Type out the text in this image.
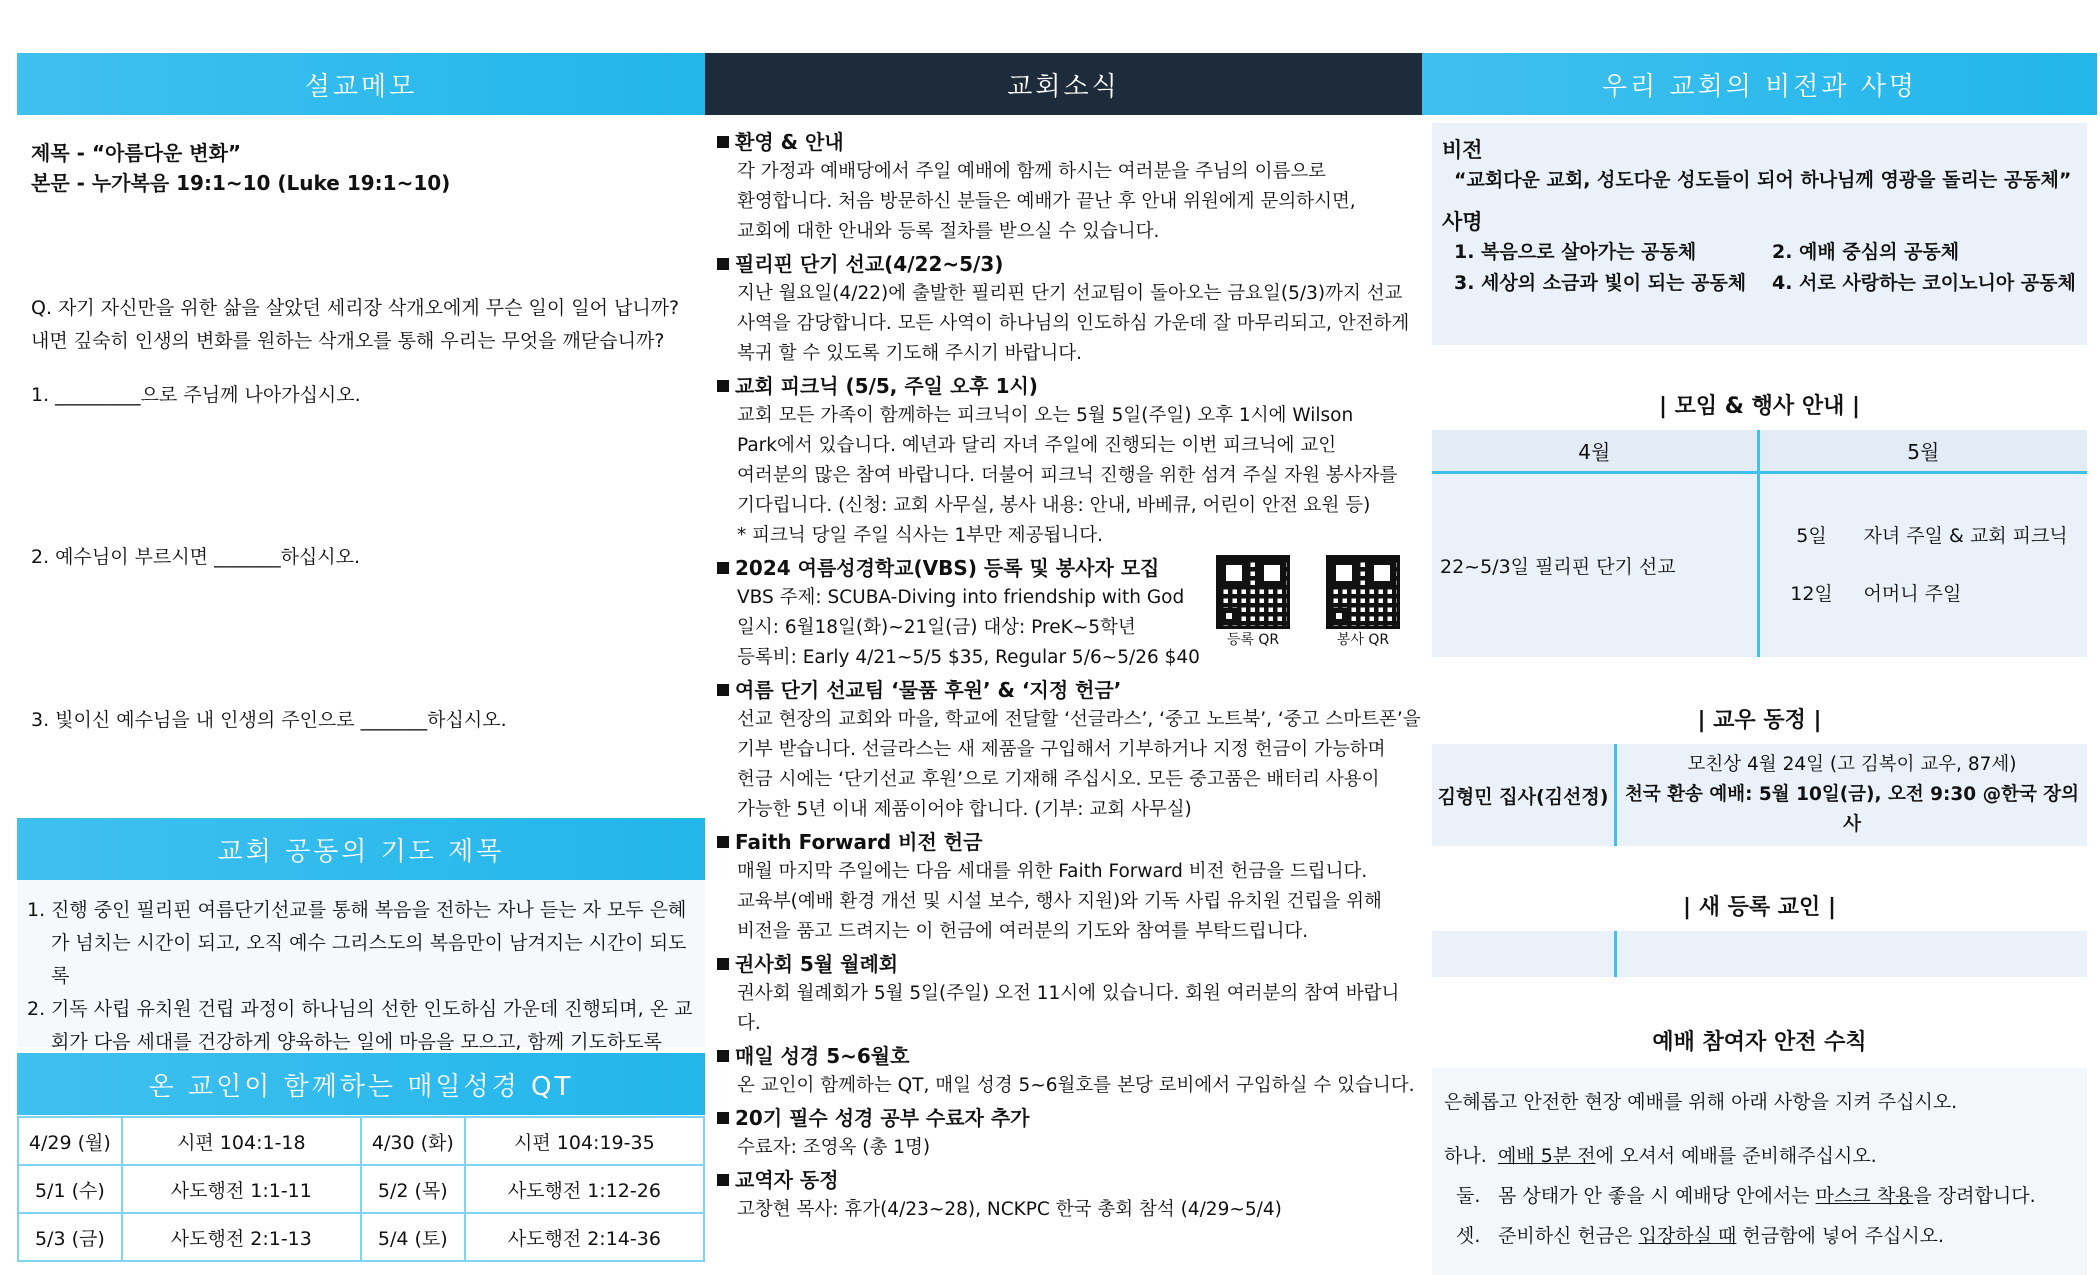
설교메모
제목 - “아름다운 변화”
본문 - 누가복음 19:1~10 (Luke 19:1~10)
Q. 자기 자신만을 위한 삶을 살았던 세리장 삭개오에게 무슨 일이 일어 납니까?
내면 깊숙히 인생의 변화를 원하는 삭개오를 통해 우리는 무엇을 깨닫습니까?
1. _________으로 주님께 나아가십시오.
2. 예수님이 부르시면 _______하십시오.
3. 빛이신 예수님을 내 인생의 주인으로 _______하십시오.
교회 공동의 기도 제목
1. 진행 중인 필리핀 여름단기선교를 통해 복음을 전하는 자나 듣는 자 모두 은혜가 넘치는 시간이 되고, 오직 예수 그리스도의 복음만이 남겨지는 시간이 되도록
2. 기독 사립 유치원 건립 과정이 하나님의 선한 인도하심 가운데 진행되며, 온 교회가 다음 세대를 건강하게 양육하는 일에 마음을 모으고, 함께 기도하도록
온 교인이 함께하는 매일성경 QT
4/29 (월)	시편 104:1-18	4/30 (화)	시편 104:19-35
5/1 (수)	사도행전 1:1-11	5/2 (목)	사도행전 1:12-26
5/3 (금)	사도행전 2:1-13	5/4 (토)	사도행전 2:14-36
교회소식
환영 & 안내

각 가정과 예배당에서 주일 예배에 함께 하시는 여러분을 주님의 이름으로

환영합니다. 처음 방문하신 분들은 예배가 끝난 후 안내 위원에게 문의하시면,

교회에 대한 안내와 등록 절차를 받으실 수 있습니다.

필리핀 단기 선교(4/22~5/3)

지난 월요일(4/22)에 출발한 필리핀 단기 선교팀이 돌아오는 금요일(5/3)까지 선교

사역을 감당합니다. 모든 사역이 하나님의 인도하심 가운데 잘 마무리되고, 안전하게

복귀 할 수 있도록 기도해 주시기 바랍니다.

교회 피크닉 (5/5, 주일 오후 1시)

교회 모든 가족이 함께하는 피크닉이 오는 5월 5일(주일) 오후 1시에 Wilson

Park에서 있습니다. 예년과 달리 자녀 주일에 진행되는 이번 피크닉에 교인

여러분의 많은 참여 바랍니다. 더불어 피크닉 진행을 위한 섬겨 주실 자원 봉사자를

기다립니다. (신청: 교회 사무실, 봉사 내용: 안내, 바베큐, 어린이 안전 요원 등)

* 피크닉 당일 주일 식사는 1부만 제공됩니다.

2024 여름성경학교(VBS) 등록 및 봉사자 모집

VBS 주제: SCUBA-Diving into friendship with God

일시: 6월18일(화)~21일(금) 대상: PreK~5학년

등록비: Early 4/21~5/5 $35, Regular 5/6~5/26 $40

등록 QR	봉사 QR
여름 단기 선교팀 ‘물품 후원’ & ‘지정 헌금’

선교 현장의 교회와 마을, 학교에 전달할 ‘선글라스’, ‘중고 노트북’, ‘중고 스마트폰’을

기부 받습니다. 선글라스는 새 제품을 구입해서 기부하거나 지정 헌금이 가능하며

헌금 시에는 ‘단기선교 후원’으로 기재해 주십시오. 모든 중고품은 배터리 사용이

가능한 5년 이내 제품이어야 합니다. (기부: 교회 사무실)

Faith Forward 비전 헌금

매월 마지막 주일에는 다음 세대를 위한 Faith Forward 비전 헌금을 드립니다.

교육부(예배 환경 개선 및 시설 보수, 행사 지원)와 기독 사립 유치원 건립을 위해

비전을 품고 드려지는 이 헌금에 여러분의 기도와 참여를 부탁드립니다.

권사회 5월 월례회

권사회 월례회가 5월 5일(주일) 오전 11시에 있습니다. 회원 여러분의 참여 바랍니다.

매일 성경 5~6월호

온 교인이 함께하는 QT, 매일 성경 5~6월호를 본당 로비에서 구입하실 수 있습니다.

20기 필수 성경 공부 수료자 추가

수료자: 조영옥 (총 1명)

교역자 동정

고창현 목사: 휴가(4/23~28), NCKPC 한국 총회 참석 (4/29~5/4)

우리 교회의 비전과 사명
비전
“교회다운 교회, 성도다운 성도들이 되어 하나님께 영광을 돌리는 공동체”
사명
1. 복음으로 살아가는 공동체	2. 예배 중심의 공동체
3. 세상의 소금과 빛이 되는 공동체	4. 서로 사랑하는 코이노니아 공동체
| 모임 & 행사 안내 |
4월	5월
22~5/3일 필리핀 단기 선교	5일 자녀 주일 & 교회 피크닉
12일 어머니 주일
| 교우 동정 |
김형민 집사(김선정)
모친상 4월 24일 (고 김복이 교우, 87세)
천국 환송 예배: 5월 10일(금), 오전 9:30 @한국 장의사
| 새 등록 교인 |
예배 참여자 안전 수칙
은혜롭고 안전한 현장 예배를 위해 아래 사항을 지켜 주십시오.
하나. 예배 5분 전에 오셔서 예배를 준비해주십시오.
둘. 몸 상태가 안 좋을 시 예배당 안에서는 마스크 착용을 장려합니다.
셋. 준비하신 헌금은 입장하실 때 헌금함에 넣어 주십시오.
